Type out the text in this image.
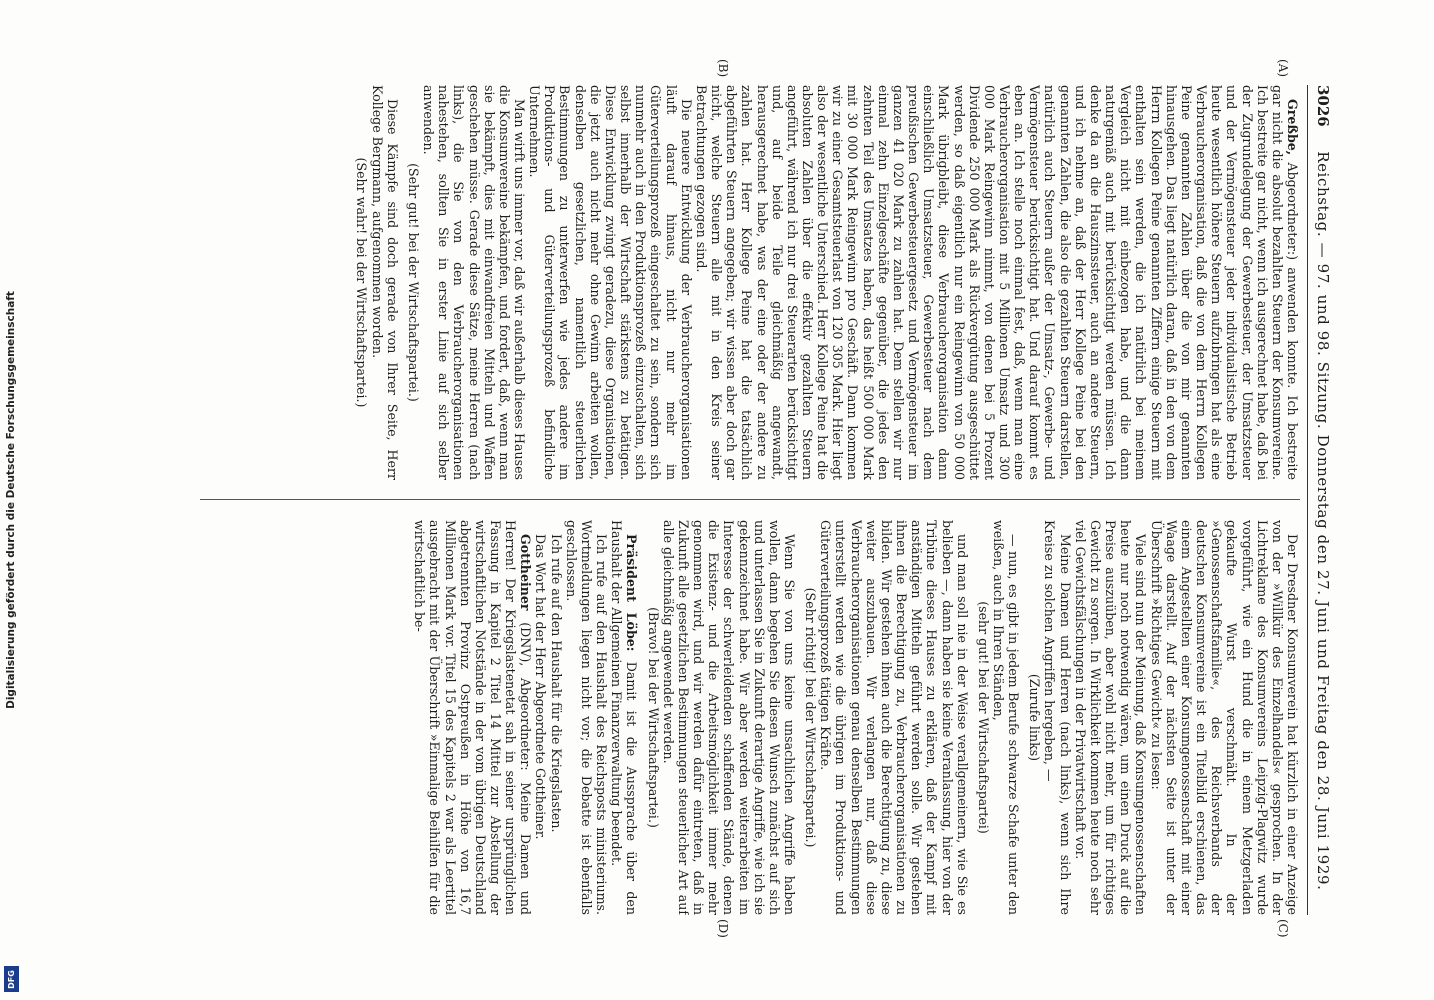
Digitalisierung gefördert durch die Deutsche Forschungsgemeinschaft
DFG
3026
Reichstag. — 97. und 98. Sitzung. Donnerstag den 27. Juni und Freitag den 28. Juni 1929.
(A)
(B)
(C)
(D)

Greßbe, Abgeordneter:) anwenden konnte. Ich bestreite gar nicht die absolut bezahlten Steuern der Konsumvereine. Ich bestreite gar nicht, wenn ich ausgerechnet habe, daß bei der Zugrundelegung der Gewerbesteuer, der Umsatzsteuer und der Vermögensteuer jeder individualistische Betrieb heute wesentlich höhere Steuern aufzubringen hat als eine Verbraucherorganisation, daß die von dem Herrn Kollegen Peine genannten Zahlen über die von mir genannten hinausgehen. Das liegt natürlich daran, daß in den von dem Herrn Kollegen Peine genannten Ziffern einige Steuern mit enthalten sein werden, die ich natürlich bei meinem Vergleich nicht mit einbezogen habe, und die dann naturgemäß auch mit berücksichtigt werden müssen. Ich denke da an die Hauszinssteuer, auch an andere Steuern, und ich nehme an, daß der Herr Kollege Peine bei den genannten Zahlen, die also die gezahlten Steuern darstellen, natürlich auch Steuern außer der Umsatz-, Gewerbe- und Vermögensteuer berücksichtigt hat. Und darauf kommt es eben an. Ich stelle noch einmal fest, daß, wenn man eine Verbraucherorganisation mit 5 Millionen Umsatz und 300 000 Mark Reingewinn nimmt, von denen bei 5 Prozent Dividende 250 000 Mark als Rückvergütung ausgeschüttet werden, so daß eigentlich nur ein Reingewinn von 50 000 Mark übrigbleibt, diese Verbraucherorganisation dann einschließlich Umsatzsteuer, Gewerbesteuer nach dem preußischen Gewerbesteuergesetz und Vermögensteuer im ganzen 41 020 Mark zu zahlen hat. Dem stellen wir nur einmal zehn Einzelgeschäfte gegenüber, die jedes den zehnten Teil des Umsatzes haben, das heißt 500 000 Mark mit 30 000 Mark Reingewinn pro Geschäft. Dann kommen wir zu einer Gesamtsteuerlast von 120 305 Mark. Hier liegt also der wesentliche Unterschied. Herr Kollege Peine hat die absoluten Zahlen über die effektiv gezahlten Steuern angeführt, während ich nur drei Steuerarten berücksichtigt und, auf beide Teile gleichmäßig angewandt, herausgerechnet habe, was der eine oder der andere zu zahlen hat. Herr Kollege Peine hat die tatsächlich abgeführten Steuern angegeben; wir wissen aber doch gar nicht, welche Steuern alle mit in den Kreis seiner Betrachtungen gezogen sind.

Die neuere Entwicklung der Verbraucherorganisationen läuft darauf hinaus, nicht nur mehr im Güterverteilungsprozeß eingeschaltet zu sein, sondern sich nunmehr auch in den Produktionsprozeß einzuschalten, sich selbst innerhalb der Wirtschaft stärkstens zu betätigen. Diese Entwicklung zwingt geradezu, diese Organisationen, die jetzt auch nicht mehr ohne Gewinn arbeiten wollen, denselben gesetzlichen, namentlich steuerlichen Bestimmungen zu unterwerfen wie jedes andere im Produktions- und Güterverteilungsprozeß befindliche Unternehmen.

Man wirft uns immer vor, daß wir außerhalb dieses Hauses die Konsumvereine bekämpfen, und fordert, daß, wenn man sie bekämpft, dies mit einwandfreien Mitteln und Waffen geschehen müsse. Gerade diese Sätze, meine Herren (nach links), die Sie von den Verbraucherorganisationen nahestehen, sollten Sie in erster Linie auf sich selber anwenden.

(Sehr gut! bei der Wirtschaftspartei.)

Diese Kämpfe sind doch gerade von Ihrer Seite, Herr Kollege Bergmann, aufgenommen worden.

(Sehr wahr! bei der Wirtschaftspartei.)

Der Dresdner Konsumverein hat kürzlich in einer Anzeige von der »Willkür des Einzelhandels« gesprochen. In der Lichtreklame des Konsumvereins Leipzig-Plagwitz wurde vorgeführt, wie ein Hund die in einem Metzgerladen gekaufte Wurst verschmäht. In der »Genossenschaftsfamilie«, des Reichsverbands der deutschen Konsumvereine ist ein Titelbild erschienen, das einem Angestellten einer Konsumgenossenschaft mit einer Waage darstellt. Auf der nächsten Seite ist unter der Überschrift »Richtiges Gewicht« zu lesen:

Viele sind nun der Meinung, daß Konsumgenossenschaften heute nur noch notwendig wären, um einen Druck auf die Preise auszuüben, aber wohl nicht mehr, um für richtiges Gewicht zu sorgen. In Wirklichkeit kommen heute noch sehr viel Gewichtsfälschungen in der Privatwirtschaft vor.

Meine Damen und Herren (nach links), wenn sich Ihre Kreise zu solchen Angriffen hergeben, —

(Zurufe links)

— nun, es gibt in jedem Berufe schwarze Schafe unter den weißen, auch in Ihren Ständen,

(sehr gut! bei der Wirtschaftspartei)

und man soll nie in der Weise verallgemeinern, wie Sie es belieben —, dann haben sie keine Veranlassung, hier von der Tribüne dieses Hauses zu erklären, daß der Kampf mit anständigen Mitteln geführt werden solle. Wir gestehen ihnen die Berechtigung zu, Verbraucherorganisationen zu bilden. Wir gestehen ihnen auch die Berechtigung zu, diese weiter auszubauen. Wir verlangen nur, daß diese Verbraucherorganisationen genau denselben Bestimmungen unterstellt werden wie die übrigen im Produktions- und Güterverteilungsprozeß tätigen Kräfte.

(Sehr richtig! bei der Wirtschaftspartei.)

Wenn Sie von uns keine unsachlichen Angriffe haben wollen, dann begehen Sie diesen Wunsch zunächst auf sich und unterlassen Sie in Zukunft derartige Angriffe, wie ich sie gekennzeichnet habe. Wir aber werden weiterarbeiten im Interesse der schwerleidenden schaffenden Stände, denen die Existenz- und die Arbeitsmöglichkeit immer mehr genommen wird, und wir werden dafür eintreten, daß in Zukunft alle gesetzlichen Bestimmungen steuerlicher Art auf alle gleichmäßig angewendet werden.

(Bravo! bei der Wirtschaftspartei.)

Präsident Löbe: Damit ist die Aussprache über den Haushalt der Allgemeinen Finanzverwaltung beendet.

Ich rufe auf den Haushalt des Reichsposts ministeriums. Wortmeldungen liegen nicht vor; die Debatte ist ebenfalls geschlossen.

Ich rufe auf den Haushalt für die Kriegslasten.

Das Wort hat der Herr Abgeordnete Gottheiner.

Gottheiner (DNV), Abgeordneter: Meine Damen und Herren! Der Kriegslastenetat sah in seiner ursprünglichen Fassung in Kapitel 2 Titel 14 Mittel zur Abstellung der wirtschaftlichen Notstände in der vom übrigen Deutschland abgetrennten Provinz Ostpreußen in Höhe von 16,7 Millionen Mark vor. Titel 15 des Kapitels 2 war als Leertitel ausgebracht mit der Überschrift »Einmalige Beihilfen für die wirtschaftlich be-
